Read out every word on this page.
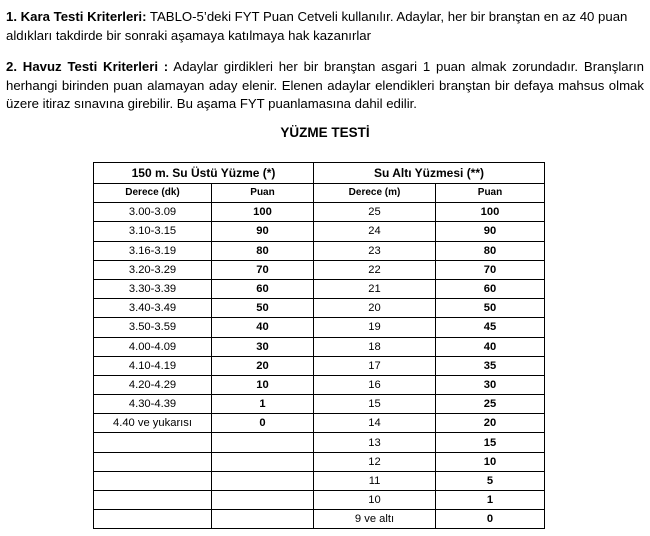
1. Kara Testi Kriterleri: TABLO-5’deki FYT Puan Cetveli kullanılır. Adaylar, her bir branştan en az 40 puan aldıkları takdirde bir sonraki aşamaya katılmaya hak kazanırlar

2. Havuz Testi Kriterleri : Adaylar girdikleri her bir branştan asgari 1 puan almak zorundadır. Branşların herhangi birinden puan alamayan aday elenir. Elenen adaylar elendikleri branştan bir defaya mahsus olmak üzere itiraz sınavına girebilir. Bu aşama FYT puanlamasına dahil edilir.

YÜZME TESTİ
150 m. Su Üstü Yüzme (*)		Su Altı Yüzmesi (**)	
Derece (dk)	Puan	Derece (m)	Puan
3.00-3.09	100	25	100
3.10-3.15	90	24	90
3.16-3.19	80	23	80
3.20-3.29	70	22	70
3.30-3.39	60	21	60
3.40-3.49	50	20	50
3.50-3.59	40	19	45
4.00-4.09	30	18	40
4.10-4.19	20	17	35
4.20-4.29	10	16	30
4.30-4.39	1	15	25
4.40 ve yukarısı	0	14	20
		13	15
		12	10
		11	5
		10	1
		9 ve altı	0
